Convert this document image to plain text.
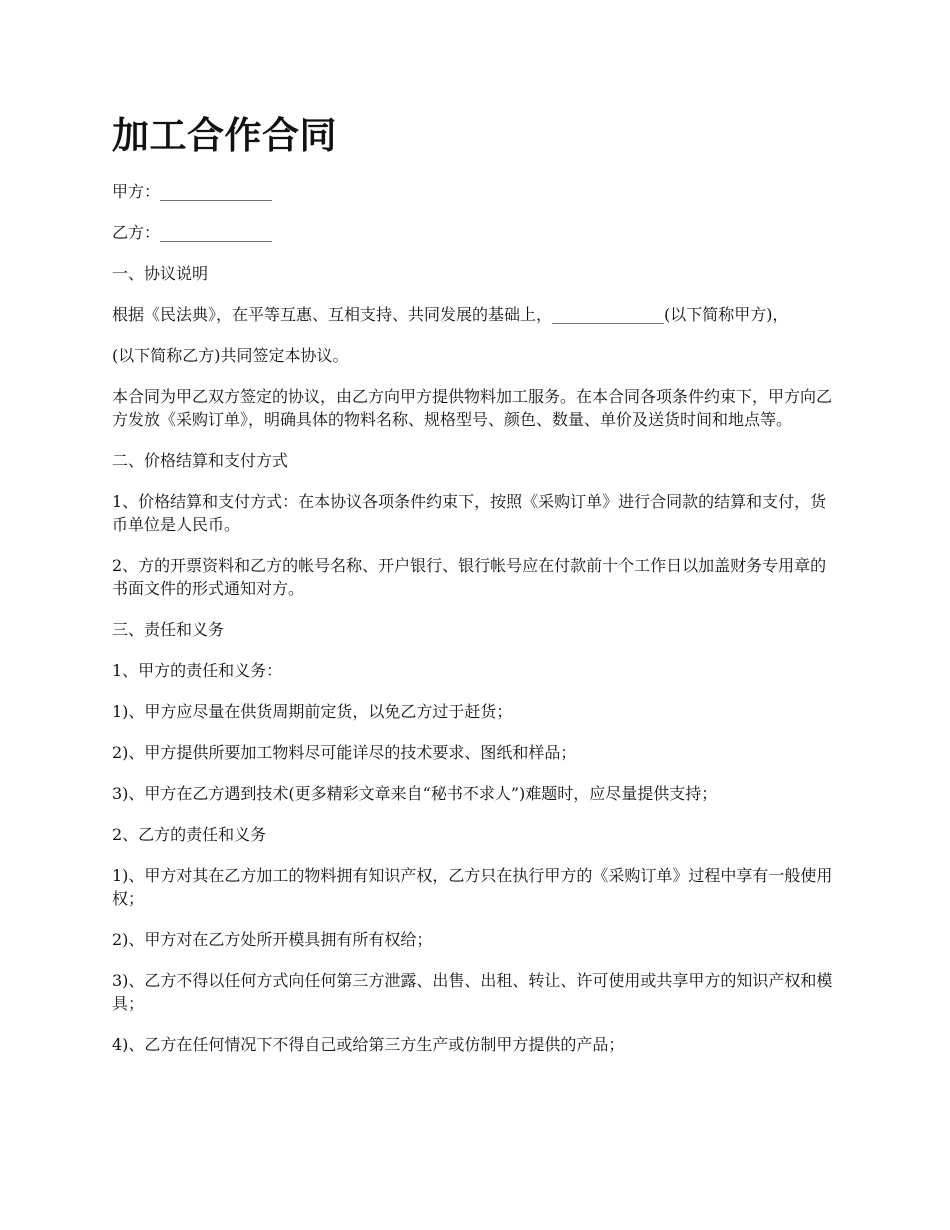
加工合作合同

甲方：______________

乙方：______________

一、协议说明

根据《民法典》，在平等互惠、互相支持、共同发展的基础上，______________(以下简称甲方)，

(以下简称乙方)共同签定本协议。

本合同为甲乙双方签定的协议，由乙方向甲方提供物料加工服务。在本合同各项条件约束下，甲方向乙方发放《采购订单》，明确具体的物料名称、规格型号、颜色、数量、单价及送货时间和地点等。

二、价格结算和支付方式

1、价格结算和支付方式：在本协议各项条件约束下，按照《采购订单》进行合同款的结算和支付，货币单位是人民币。

2、方的开票资料和乙方的帐号名称、开户银行、银行帐号应在付款前十个工作日以加盖财务专用章的书面文件的形式通知对方。

三、责任和义务

1、甲方的责任和义务：

1)、甲方应尽量在供货周期前定货，以免乙方过于赶货；

2)、甲方提供所要加工物料尽可能详尽的技术要求、图纸和样品；

3)、甲方在乙方遇到技术(更多精彩文章来自“秘书不求人”)难题时，应尽量提供支持；

2、乙方的责任和义务

1)、甲方对其在乙方加工的物料拥有知识产权，乙方只在执行甲方的《采购订单》过程中享有一般使用权；

2)、甲方对在乙方处所开模具拥有所有权给；

3)、乙方不得以任何方式向任何第三方泄露、出售、出租、转让、许可使用或共享甲方的知识产权和模具；

4)、乙方在任何情况下不得自己或给第三方生产或仿制甲方提供的产品；
